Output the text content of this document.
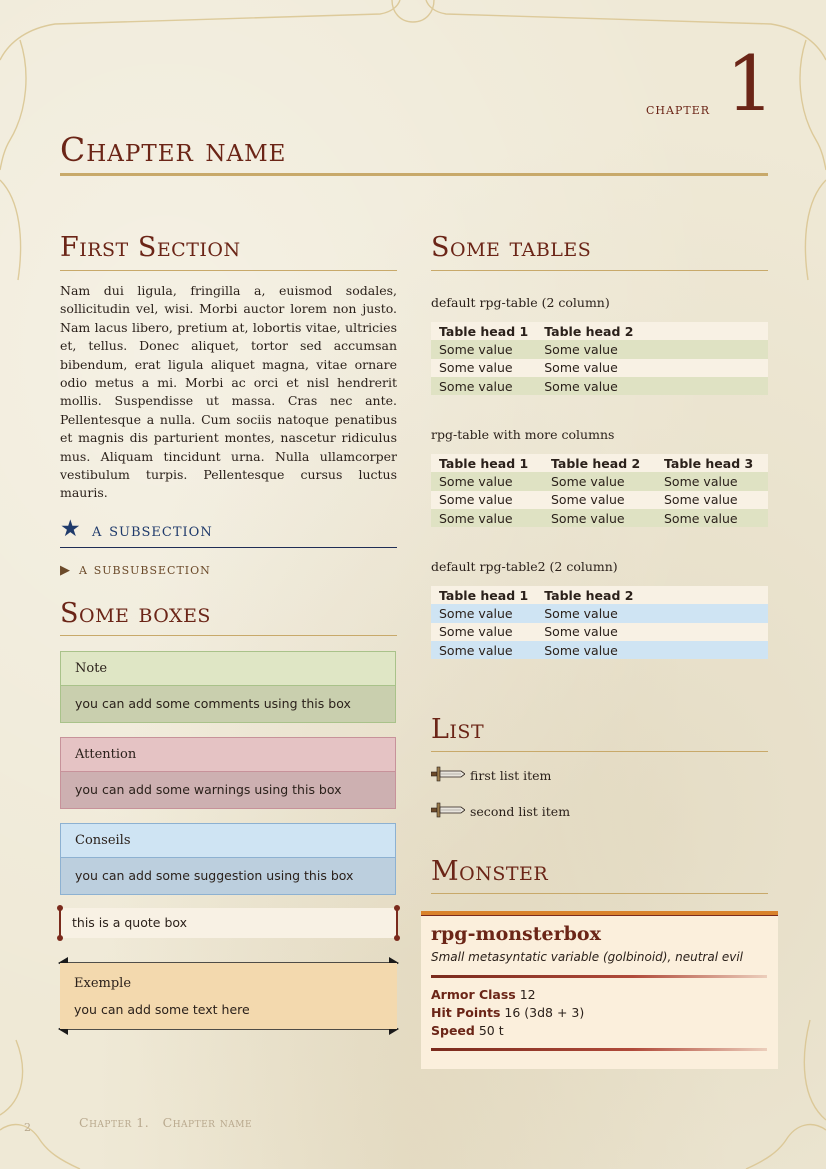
chapter 1
Chapter name
First Section
Nam dui ligula, fringilla a, euismod sodales, sollicitudin vel, wisi. Morbi auctor lorem non justo. Nam lacus libero, pretium at, lobortis vitae, ultricies et, tellus. Donec aliquet, tortor sed accumsan bibendum, erat ligula aliquet magna, vitae ornare odio metus a mi. Morbi ac orci et nisl hendrerit mollis. Suspendisse ut massa. Cras nec ante. Pellentesque a nulla. Cum sociis natoque penatibus et magnis dis parturient montes, nascetur ridiculus mus. Aliquam tincidunt urna. Nulla ullamcorper vestibulum turpis. Pellentesque cursus luctus mauris.
★ a subsection
▶ a subsubsection
Some boxes
Note
you can add some comments using this box
Attention
you can add some warnings using this box
Conseils
you can add some suggestion using this box
this is a quote box
Exemple
you can add some text here
Some tables
default rpg-table (2 column)
Table head 1	Table head 2
Some value	Some value
Some value	Some value
Some value	Some value
rpg-table with more columns
Table head 1	Table head 2	Table head 3
Some value	Some value	Some value
Some value	Some value	Some value
Some value	Some value	Some value
default rpg-table2 (2 column)
Table head 1	Table head 2
Some value	Some value
Some value	Some value
Some value	Some value
List
first list item
second list item
Monster
rpg-monsterbox
Small metasyntatic variable (golbinoid), neutral evil
Armor Class 12
Hit Points 16 (3d8 + 3)
Speed 50 t
2	Chapter 1.   Chapter name
